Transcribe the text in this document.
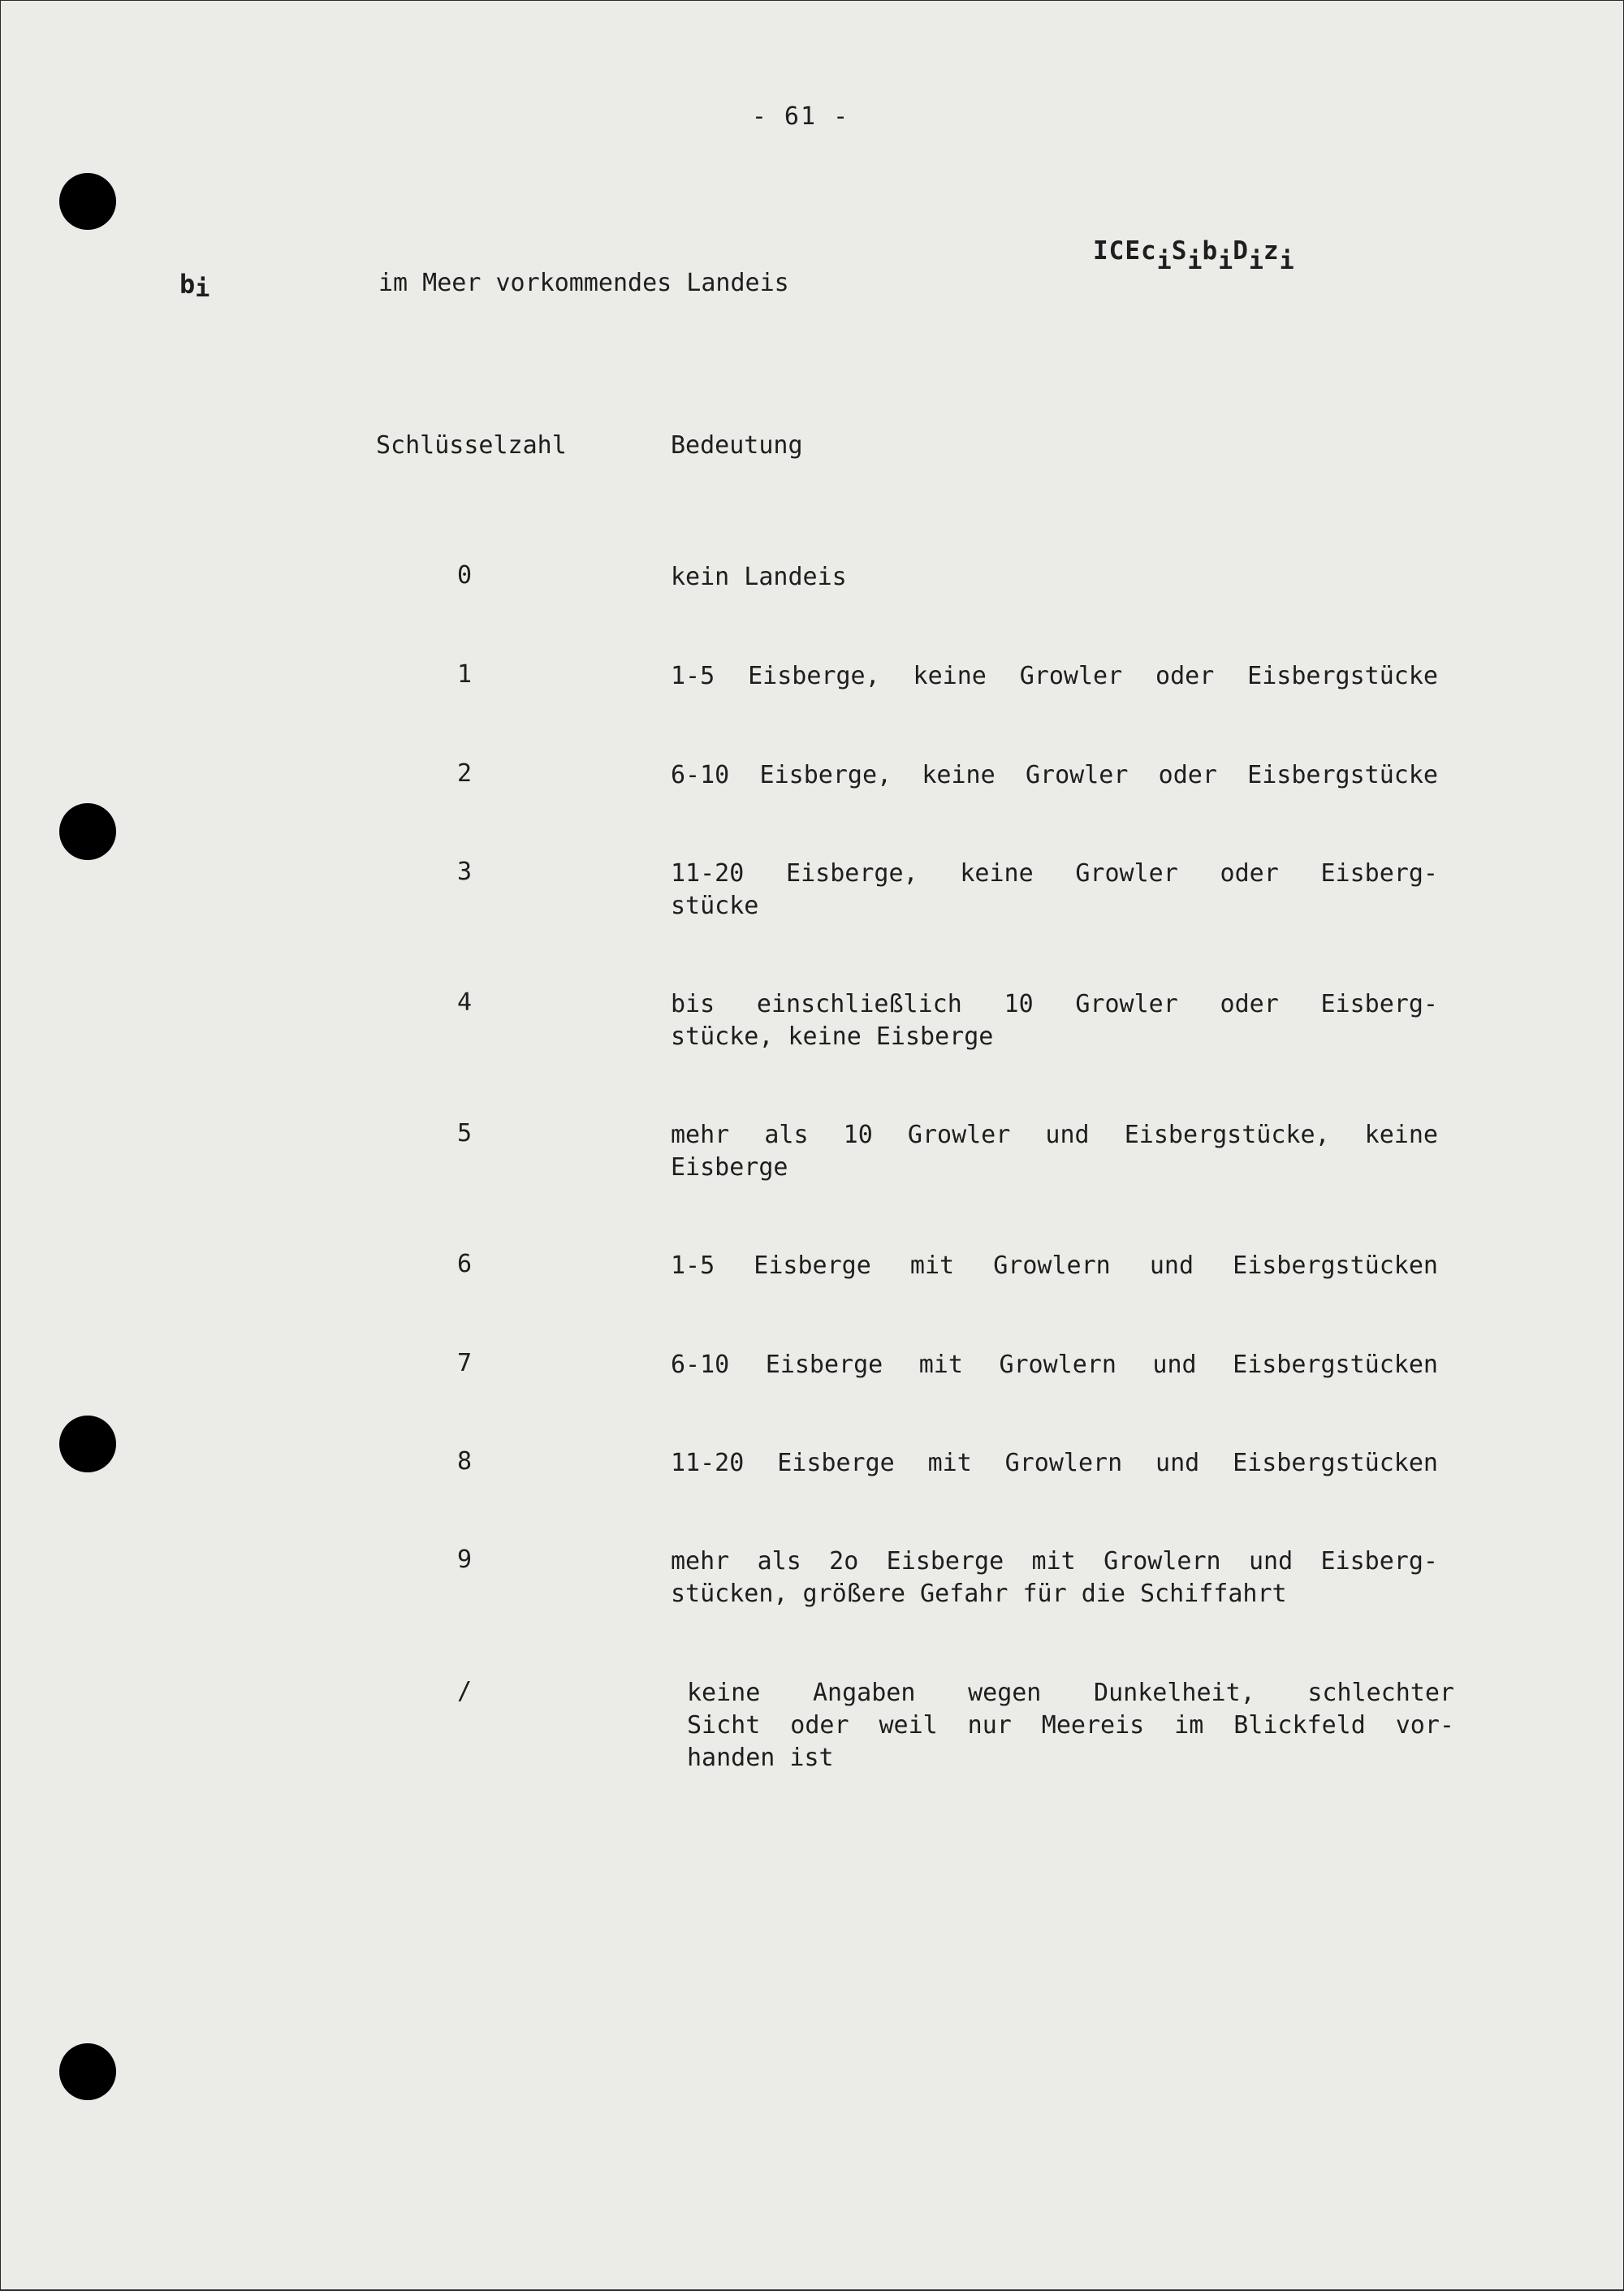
- 61 -
$b_i$	im Meer vorkommendes Landeis
$ICEc_iS_ib_iD_iz_i$
Schlüsselzahl	Bedeutung
0	kein Landeis
1	1-5 Eisberge, keine Growler oder Eisbergstücke
2	6-10 Eisberge, keine Growler oder Eisbergstücke
3	11-20 Eisberge, keine Growler oder Eisberg-
stücke
4	bis einschließlich 10 Growler oder Eisberg-
stücke, keine Eisberge
5	mehr als 10 Growler und Eisbergstücke, keine
Eisberge
6	1-5 Eisberge mit Growlern und Eisbergstücken
7	6-10 Eisberge mit Growlern und Eisbergstücken
8	11-20 Eisberge mit Growlern und Eisbergstücken
9	mehr als 2o Eisberge mit Growlern und Eisberg-
stücken, größere Gefahr für die Schiffahrt
/	keine Angaben wegen Dunkelheit, schlechter
Sicht oder weil nur Meereis im Blickfeld vor-
handen ist
